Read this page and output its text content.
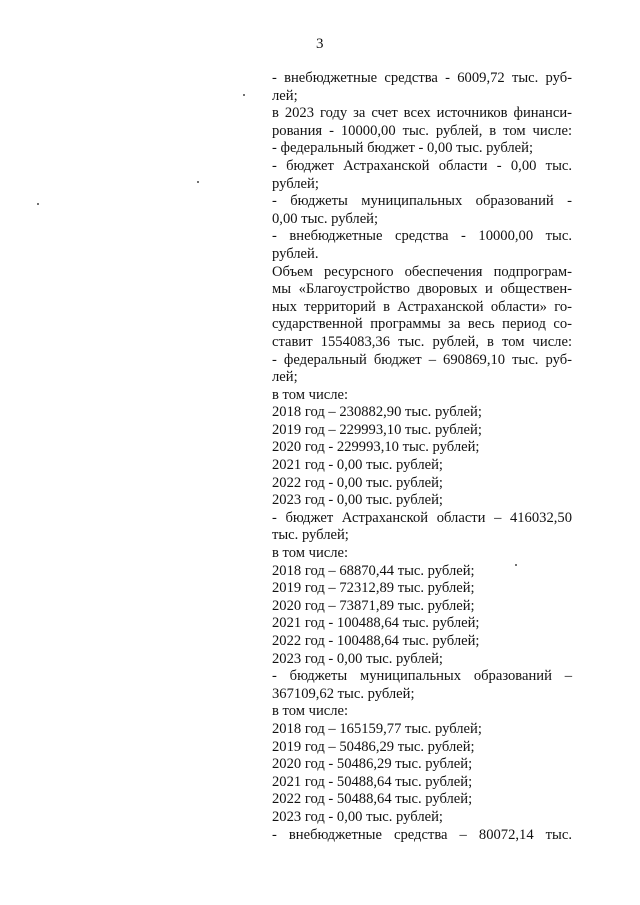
3
- внебюджетные средства - 6009,72 тыс. руб-
лей;
в 2023 году за счет всех источников финанси-
рования - 10000,00 тыс. рублей, в том числе:
- федеральный бюджет - 0,00 тыс. рублей;
- бюджет Астраханской области - 0,00 тыс.
рублей;
- бюджеты муниципальных образований -
0,00 тыс. рублей;
- внебюджетные средства - 10000,00 тыс.
рублей.
Объем ресурсного обеспечения подпрограм-
мы «Благоустройство дворовых и обществен-
ных территорий в Астраханской области» го-
сударственной программы за весь период со-
ставит 1554083,36 тыс. рублей, в том числе:
- федеральный бюджет – 690869,10 тыс. руб-
лей;
в том числе:
2018 год – 230882,90 тыс. рублей;
2019 год – 229993,10 тыс. рублей;
2020 год - 229993,10 тыс. рублей;
2021 год - 0,00 тыс. рублей;
2022 год - 0,00 тыс. рублей;
2023 год - 0,00 тыс. рублей;
- бюджет Астраханской области – 416032,50
тыс. рублей;
в том числе:
2018 год – 68870,44 тыс. рублей;
2019 год – 72312,89 тыс. рублей;
2020 год – 73871,89 тыс. рублей;
2021 год - 100488,64 тыс. рублей;
2022 год - 100488,64 тыс. рублей;
2023 год - 0,00 тыс. рублей;
- бюджеты муниципальных образований –
367109,62 тыс. рублей;
в том числе:
2018 год – 165159,77 тыс. рублей;
2019 год – 50486,29 тыс. рублей;
2020 год - 50486,29 тыс. рублей;
2021 год - 50488,64 тыс. рублей;
2022 год - 50488,64 тыс. рублей;
2023 год - 0,00 тыс. рублей;
- внебюджетные средства – 80072,14 тыс.
